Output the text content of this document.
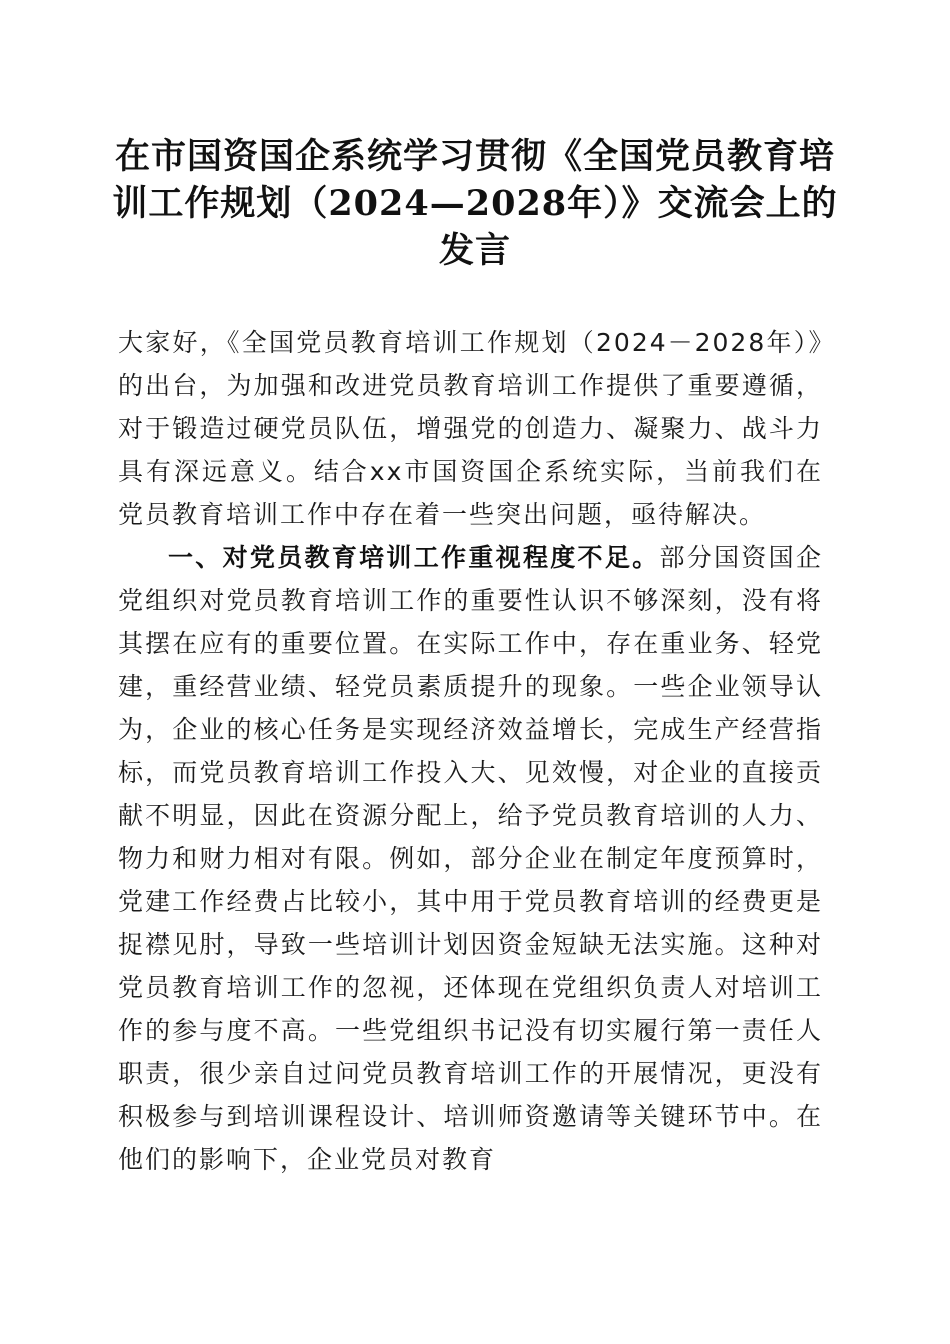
在市国资国企系统学习贯彻《全国党员教育培训工作规划（2024—2028年）》交流会上的发言

大家好，《全国党员教育培训工作规划（2024－2028年）》的出台，为加强和改进党员教育培训工作提供了重要遵循，对于锻造过硬党员队伍，增强党的创造力、凝聚力、战斗力具有深远意义。结合xx市国资国企系统实际，当前我们在党员教育培训工作中存在着一些突出问题，亟待解决。

一、对党员教育培训工作重视程度不足。部分国资国企党组织对党员教育培训工作的重要性认识不够深刻，没有将其摆在应有的重要位置。在实际工作中，存在重业务、轻党建，重经营业绩、轻党员素质提升的现象。一些企业领导认为，企业的核心任务是实现经济效益增长，完成生产经营指标，而党员教育培训工作投入大、见效慢，对企业的直接贡献不明显，因此在资源分配上，给予党员教育培训的人力、物力和财力相对有限。例如，部分企业在制定年度预算时，党建工作经费占比较小，其中用于党员教育培训的经费更是捉襟见肘，导致一些培训计划因资金短缺无法实施。这种对党员教育培训工作的忽视，还体现在党组织负责人对培训工作的参与度不高。一些党组织书记没有切实履行第一责任人职责，很少亲自过问党员教育培训工作的开展情况，更没有积极参与到培训课程设计、培训师资邀请等关键环节中。在他们的影响下，企业党员对教育
